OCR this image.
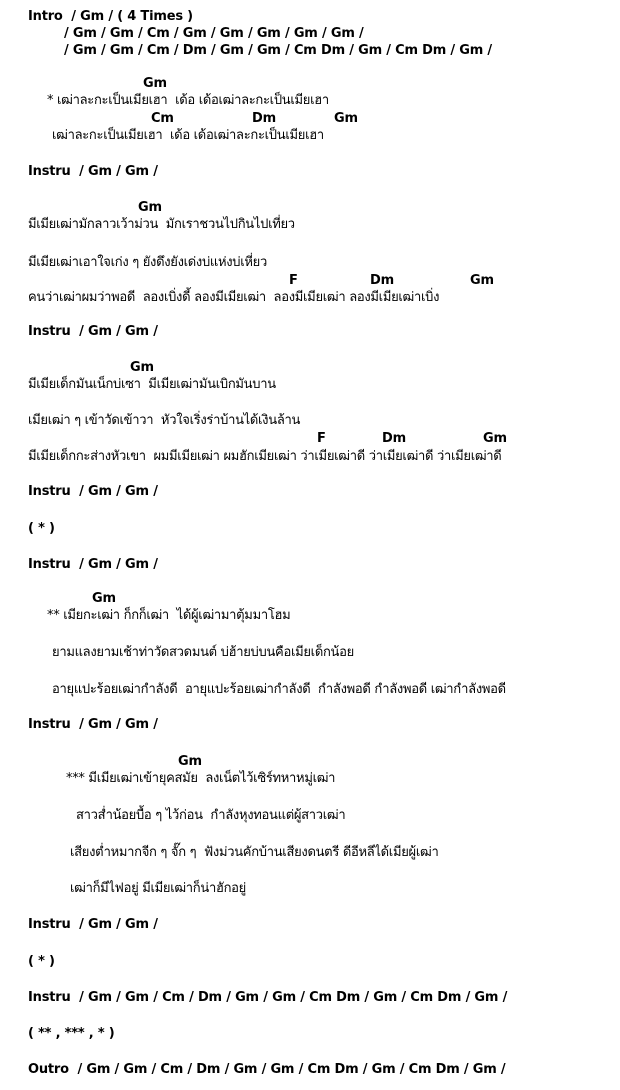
Intro  / Gm / ( 4 Times )
/ Gm / Gm / Cm / Gm / Gm / Gm / Gm / Gm /
/ Gm / Gm / Cm / Dm / Gm / Gm / Cm Dm / Gm / Cm Dm / Gm /
Gm
* เฒ่าละกะเป็นเมียเฮา  เด้อ เด้อเฒ่าละกะเป็นเมียเฮา
Cm	Dm	Gm
เฒ่าละกะเป็นเมียเฮา  เด้อ เด้อเฒ่าละกะเป็นเมียเฮา
Instru  / Gm / Gm /
Gm
มีเมียเฒ่ามักลาวเว้าม่วน  มักเราชวนไปกินไปเที่ยว
มีเมียเฒ่าเอาใจเก่ง ๆ ยังดึงยังเด่งบ่แห่งบ่เหี่ยว
F	Dm	Gm
คนว่าเฒ่าผมว่าพอดี  ลองเบิ่งดี้ ลองมีเมียเฒ่า  ลองมีเมียเฒ่า ลองมีเมียเฒ่าเบิ่ง
Instru  / Gm / Gm /
Gm
มีเมียเด็กมันเน็กบ่เซา  มีเมียเฒ่ามันเบิกมันบาน
เมียเฒ่า ๆ เข้าวัดเข้าวา  หัวใจเริ่งร่าบ้านได้เงินล้าน
F	Dm	Gm
มีเมียเด็กกะส่างหัวเขา  ผมมีเมียเฒ่า ผมฮักเมียเฒ่า ว่าเมียเฒ่าดี ว่าเมียเฒ่าดี ว่าเมียเฒ่าดี
Instru  / Gm / Gm /
( * )
Instru  / Gm / Gm /
Gm
** เมียกะเฒ่า ก็กก็เฒ่า  ได้ผู้เฒ่ามาตุ้มมาโฮม
ยามแลงยามเช้าท่าวัดสวดมนต์ บ่ฮ้ายบ่บนคือเมียเด็กน้อย
อายุแปะร้อยเฒ่ากำลังดี  อายุแปะร้อยเฒ่ากำลังดี  กำลังพอดี กำลังพอดี เฒ่ากำลังพอดี
Instru  / Gm / Gm /
Gm
*** มีเมียเฒ่าเข้ายุคสมัย  ลงเน็ตไว้เซิร์ทหาหมู่เฒ่า
สาวส่ำน้อยบื้อ ๆ ไว้ก่อน  กำลังหุงทอนแต่ผู้สาวเฒ่า
เสียงต่ำหมากจีก ๆ จั๊ก ๆ  ฟังม่วนคักบ้านเสียงดนตรี ดีอีหลีได้เมียผู้เฒ่า
เฒ่าก็มีไฟอยู่ มีเมียเฒ่าก็น่าฮักอยู่
Instru  / Gm / Gm /
( * )
Instru  / Gm / Gm / Cm / Dm / Gm / Gm / Cm Dm / Gm / Cm Dm / Gm /
( ** , *** , * )
Outro  / Gm / Gm / Cm / Dm / Gm / Gm / Cm Dm / Gm / Cm Dm / Gm /
